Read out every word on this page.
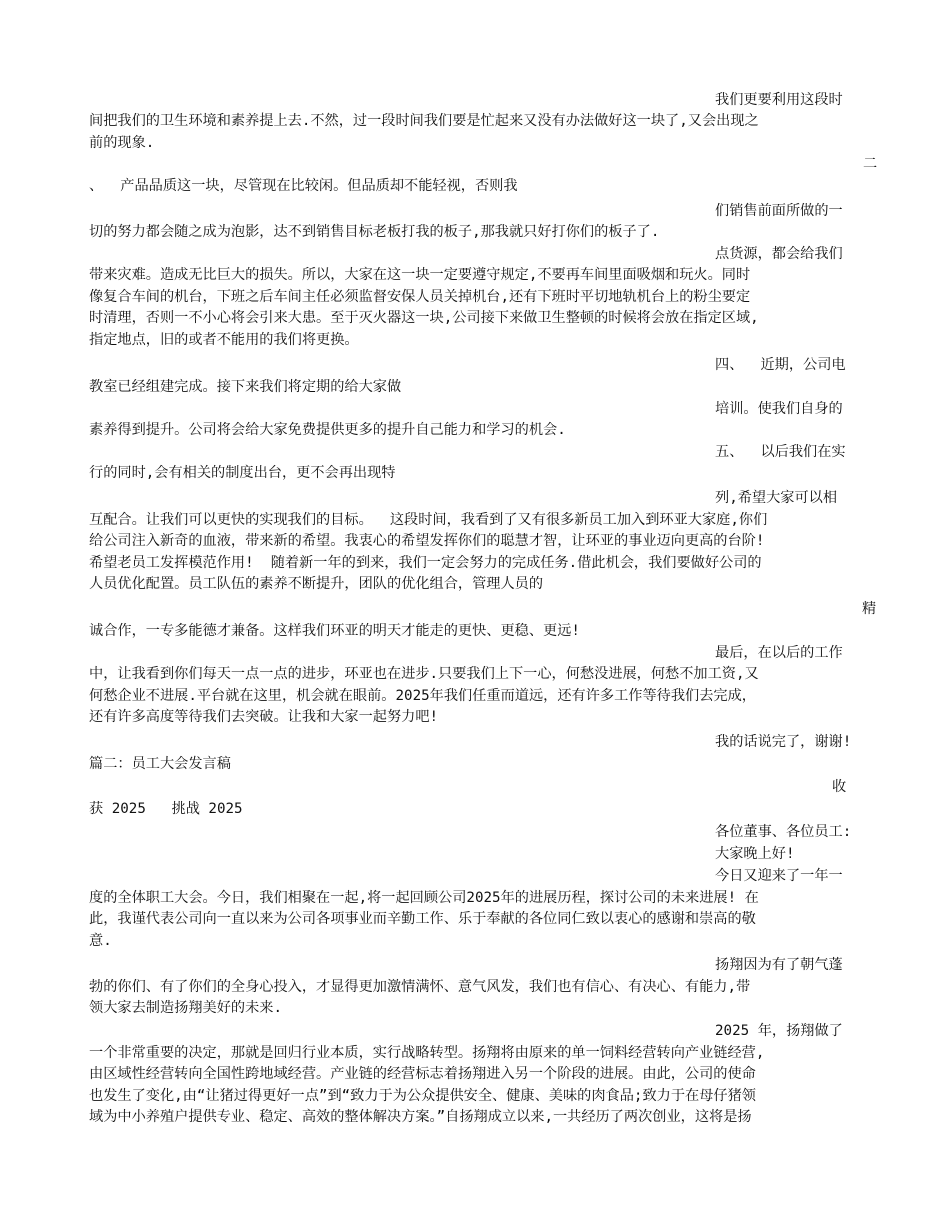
我们更要利用这段时

间把我们的卫生环境和素养提上去.不然，过一段时间我们要是忙起来又没有办法做好这一块了,又会出现之

前的现象.

二

、  产品品质这一块，尽管现在比较闲。但品质却不能轻视，否则我

们销售前面所做的一

切的努力都会随之成为泡影，达不到销售目标老板打我的板子,那我就只好打你们的板子了.

点货源，都会给我们

带来灾难。造成无比巨大的损失。所以，大家在这一块一定要遵守规定,不要再车间里面吸烟和玩火。同时

像复合车间的机台，下班之后车间主任必须监督安保人员关掉机台,还有下班时平切地轨机台上的粉尘要定

时清理，否则一不小心将会引来大患。至于灭火器这一块,公司接下来做卫生整顿的时候将会放在指定区域,

指定地点，旧的或者不能用的我们将更换。

四、  近期，公司电

教室已经组建完成。接下来我们将定期的给大家做

培训。使我们自身的

素养得到提升。公司将会给大家免费提供更多的提升自己能力和学习的机会.

五、  以后我们在实

行的同时,会有相关的制度出台，更不会再出现特

列,希望大家可以相

互配合。让我们可以更快的实现我们的目标。  这段时间，我看到了又有很多新员工加入到环亚大家庭,你们

给公司注入新奇的血液，带来新的希望。我衷心的希望发挥你们的聪慧才智，让环亚的事业迈向更高的台阶!

希望老员工发挥模范作用!  随着新一年的到来，我们一定会努力的完成任务.借此机会，我们要做好公司的

人员优化配置。员工队伍的素养不断提升，团队的优化组合，管理人员的

精

诚合作，一专多能德才兼备。这样我们环亚的明天才能走的更快、更稳、更远!

最后，在以后的工作

中，让我看到你们每天一点一点的进步，环亚也在进步.只要我们上下一心，何愁没进展，何愁不加工资,又

何愁企业不进展.平台就在这里，机会就在眼前。2025年我们任重而道远，还有许多工作等待我们去完成，

还有许多高度等待我们去突破。让我和大家一起努力吧!

我的话说完了，谢谢!

篇二：员工大会发言稿

收

获 2025   挑战 2025

各位董事、各位员工:

大家晚上好!

今日又迎来了一年一

度的全体职工大会。今日，我们相聚在一起,将一起回顾公司2025年的进展历程，探讨公司的未来进展! 在

此，我谨代表公司向一直以来为公司各项事业而辛勤工作、乐于奉献的各位同仁致以衷心的感谢和崇高的敬

意.

扬翔因为有了朝气蓬

勃的你们、有了你们的全身心投入，才显得更加激情满怀、意气风发，我们也有信心、有决心、有能力,带

领大家去制造扬翔美好的未来.

2025 年，扬翔做了

一个非常重要的决定，那就是回归行业本质，实行战略转型。扬翔将由原来的单一饲料经营转向产业链经营,

由区域性经营转向全国性跨地域经营。产业链的经营标志着扬翔进入另一个阶段的进展。由此，公司的使命

也发生了变化,由“让猪过得更好一点”到“致力于为公众提供安全、健康、美味的肉食品;致力于在母仔猪领

域为中小养殖户提供专业、稳定、高效的整体解决方案。”自扬翔成立以来,一共经历了两次创业，这将是扬
